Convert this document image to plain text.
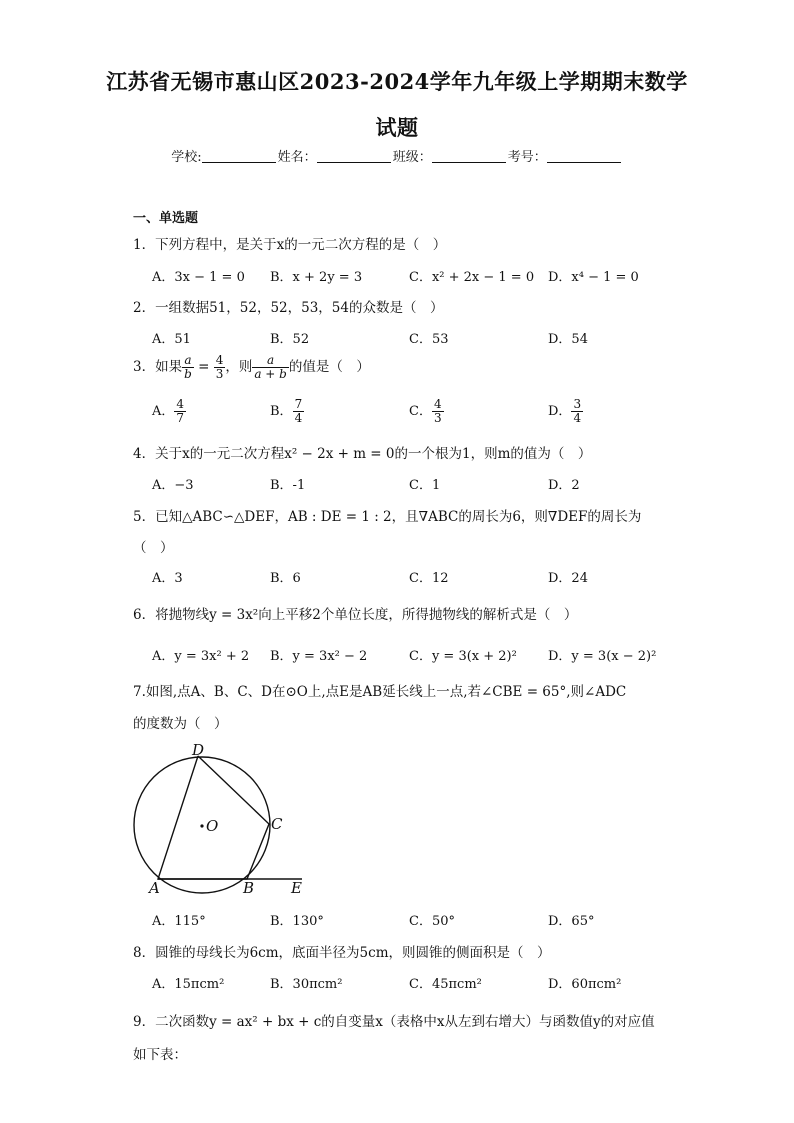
江苏省无锡市惠山区2023-2024学年九年级上学期期末数学
试题
学校:	姓名：	班级：	考号：
一、单选题
1．下列方程中，是关于x的一元二次方程的是（　）
A．3x − 1 = 0 B．x + 2y = 3	C．x² + 2x − 1 = 0 D．x⁴ − 1 = 0
2．一组数据51，52，52，53，54的众数是（　）
A．51	B．52	C．53	D．54
3．如果 $\frac{a}{b} = \frac{4}{3}$ ，则 $\frac{a}{a + b}$ 的值是（　）
A． $\frac{4}{7}$	B． $\frac{7}{4}$	C． $\frac{4}{3}$	D． $\frac{3}{4}$
4．关于x的一元二次方程x² − 2x + m = 0的一个根为1，则m的值为（　）
A．−3	B．-1	C．1	D．2
5．已知△ABC∽△DEF，AB : DE = 1 : 2，且∇ABC的周长为6，则∇DEF的周长为
（　）
A．3	B．6	C．12	D．24
6．将抛物线y = 3x²向上平移2个单位长度，所得抛物线的解析式是（　）
A．y = 3x² + 2 B．y = 3x² − 2	C．y = 3(x + 2)² D．y = 3(x − 2)²
7.如图,点A、B、C、D在⊙O上,点E是AB延长线上一点,若∠CBE = 65°,则∠ADC
的度数为（　）
D
O	C
A	B E
A．115°	B．130°	C．50°	D．65°
8．圆锥的母线长为6cm，底面半径为5cm，则圆锥的侧面积是（　）
A．15πcm²	B．30πcm²	C．45πcm²	D．60πcm²
9．二次函数y = ax² + bx + c的自变量x（表格中x从左到右增大）与函数值y的对应值
如下表：
